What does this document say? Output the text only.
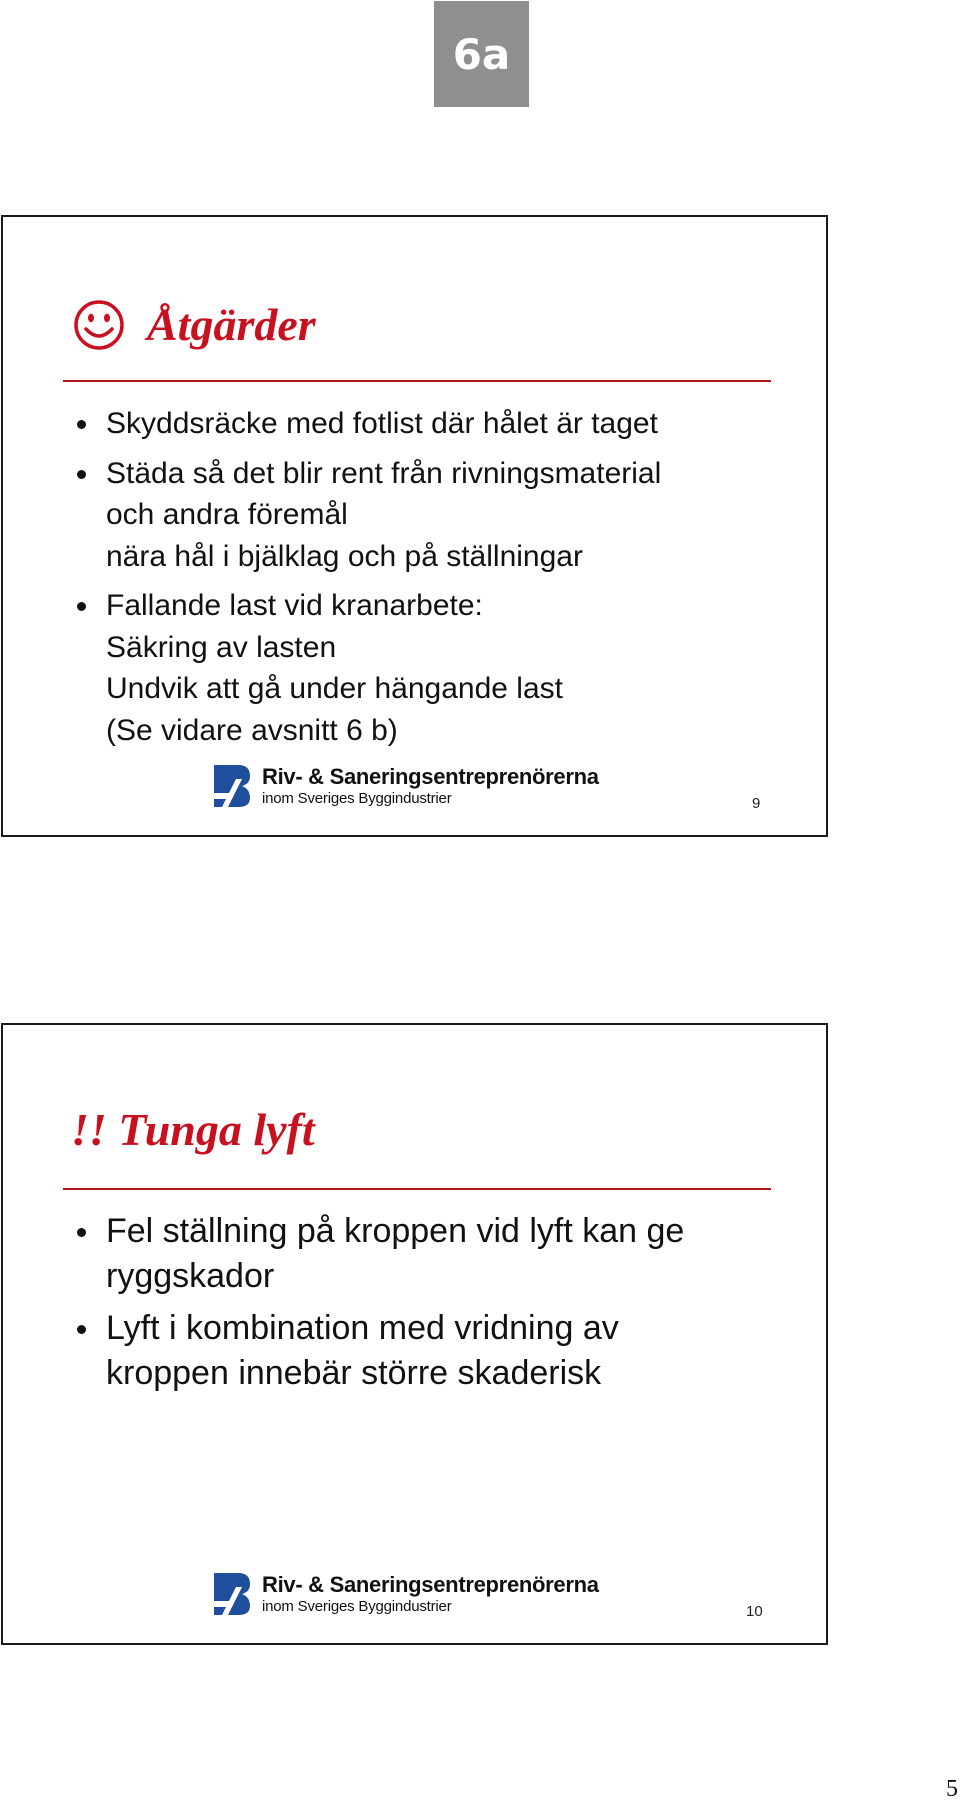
6a
Åtgärder
Skyddsräcke med fotlist där hålet är taget
Städa så det blir rent från rivningsmaterial
och andra föremål
nära hål i bjälklag och på ställningar
Fallande last vid kranarbete:
Säkring av lasten
Undvik att gå under hängande last
(Se vidare avsnitt 6 b)
Riv- & Saneringsentreprenörerna
inom Sveriges Byggindustrier	9
!! Tunga lyft
Fel ställning på kroppen vid lyft kan ge
ryggskador
Lyft i kombination med vridning av
kroppen innebär större skaderisk
Riv- & Saneringsentreprenörerna
inom Sveriges Byggindustrier	10
5
